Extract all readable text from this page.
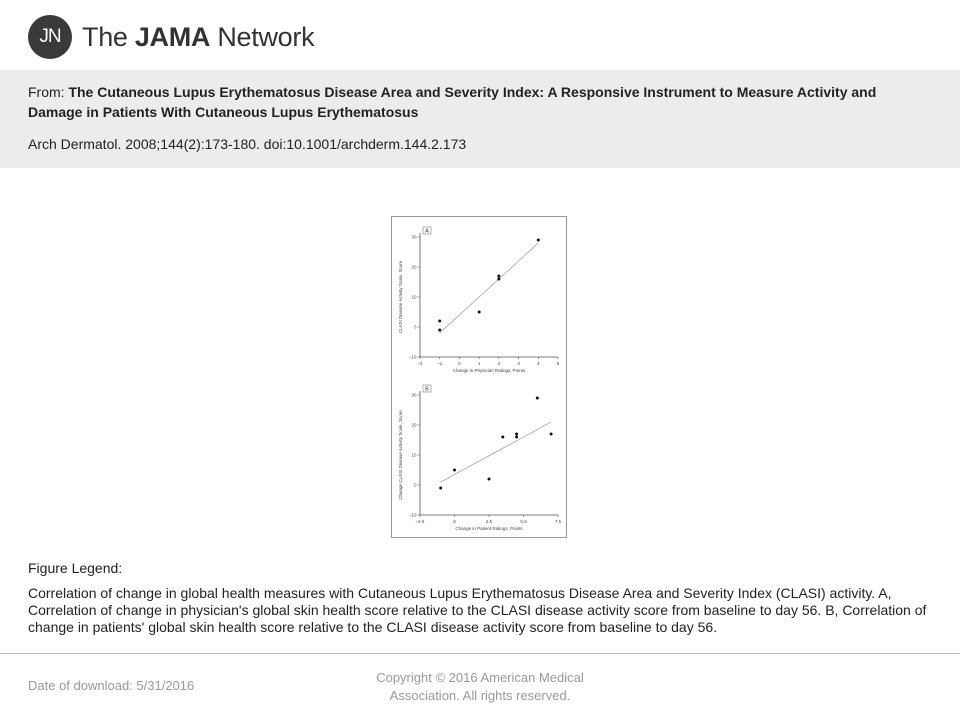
JN The JAMA Network
From: The Cutaneous Lupus Erythematosus Disease Area and Severity Index: A Responsive Instrument to Measure Activity and Damage in Patients With Cutaneous Lupus Erythematosus
Arch Dermatol. 2008;144(2):173-180. doi:10.1001/archderm.144.2.173
A
−2	−1	0	1	2	3	4	5
−10
0
10
20
30
Change in Physician Ratings, Points
CLASI Disease Activity Scale, Score
B
−2.5	0	2.5	5.0	7.5
−10
0
10
20
30
Change in Patient Ratings, Points
Change CLASI Disease Activity Scale, Score
Figure Legend:
Correlation of change in global health measures with Cutaneous Lupus Erythematosus Disease Area and Severity Index (CLASI) activity. A, Correlation of change in physician's global skin health score relative to the CLASI disease activity score from baseline to day 56. B, Correlation of change in patients' global skin health score relative to the CLASI disease activity score from baseline to day 56.
Date of download: 5/31/2016
Copyright © 2016 American Medical
Association. All rights reserved.
